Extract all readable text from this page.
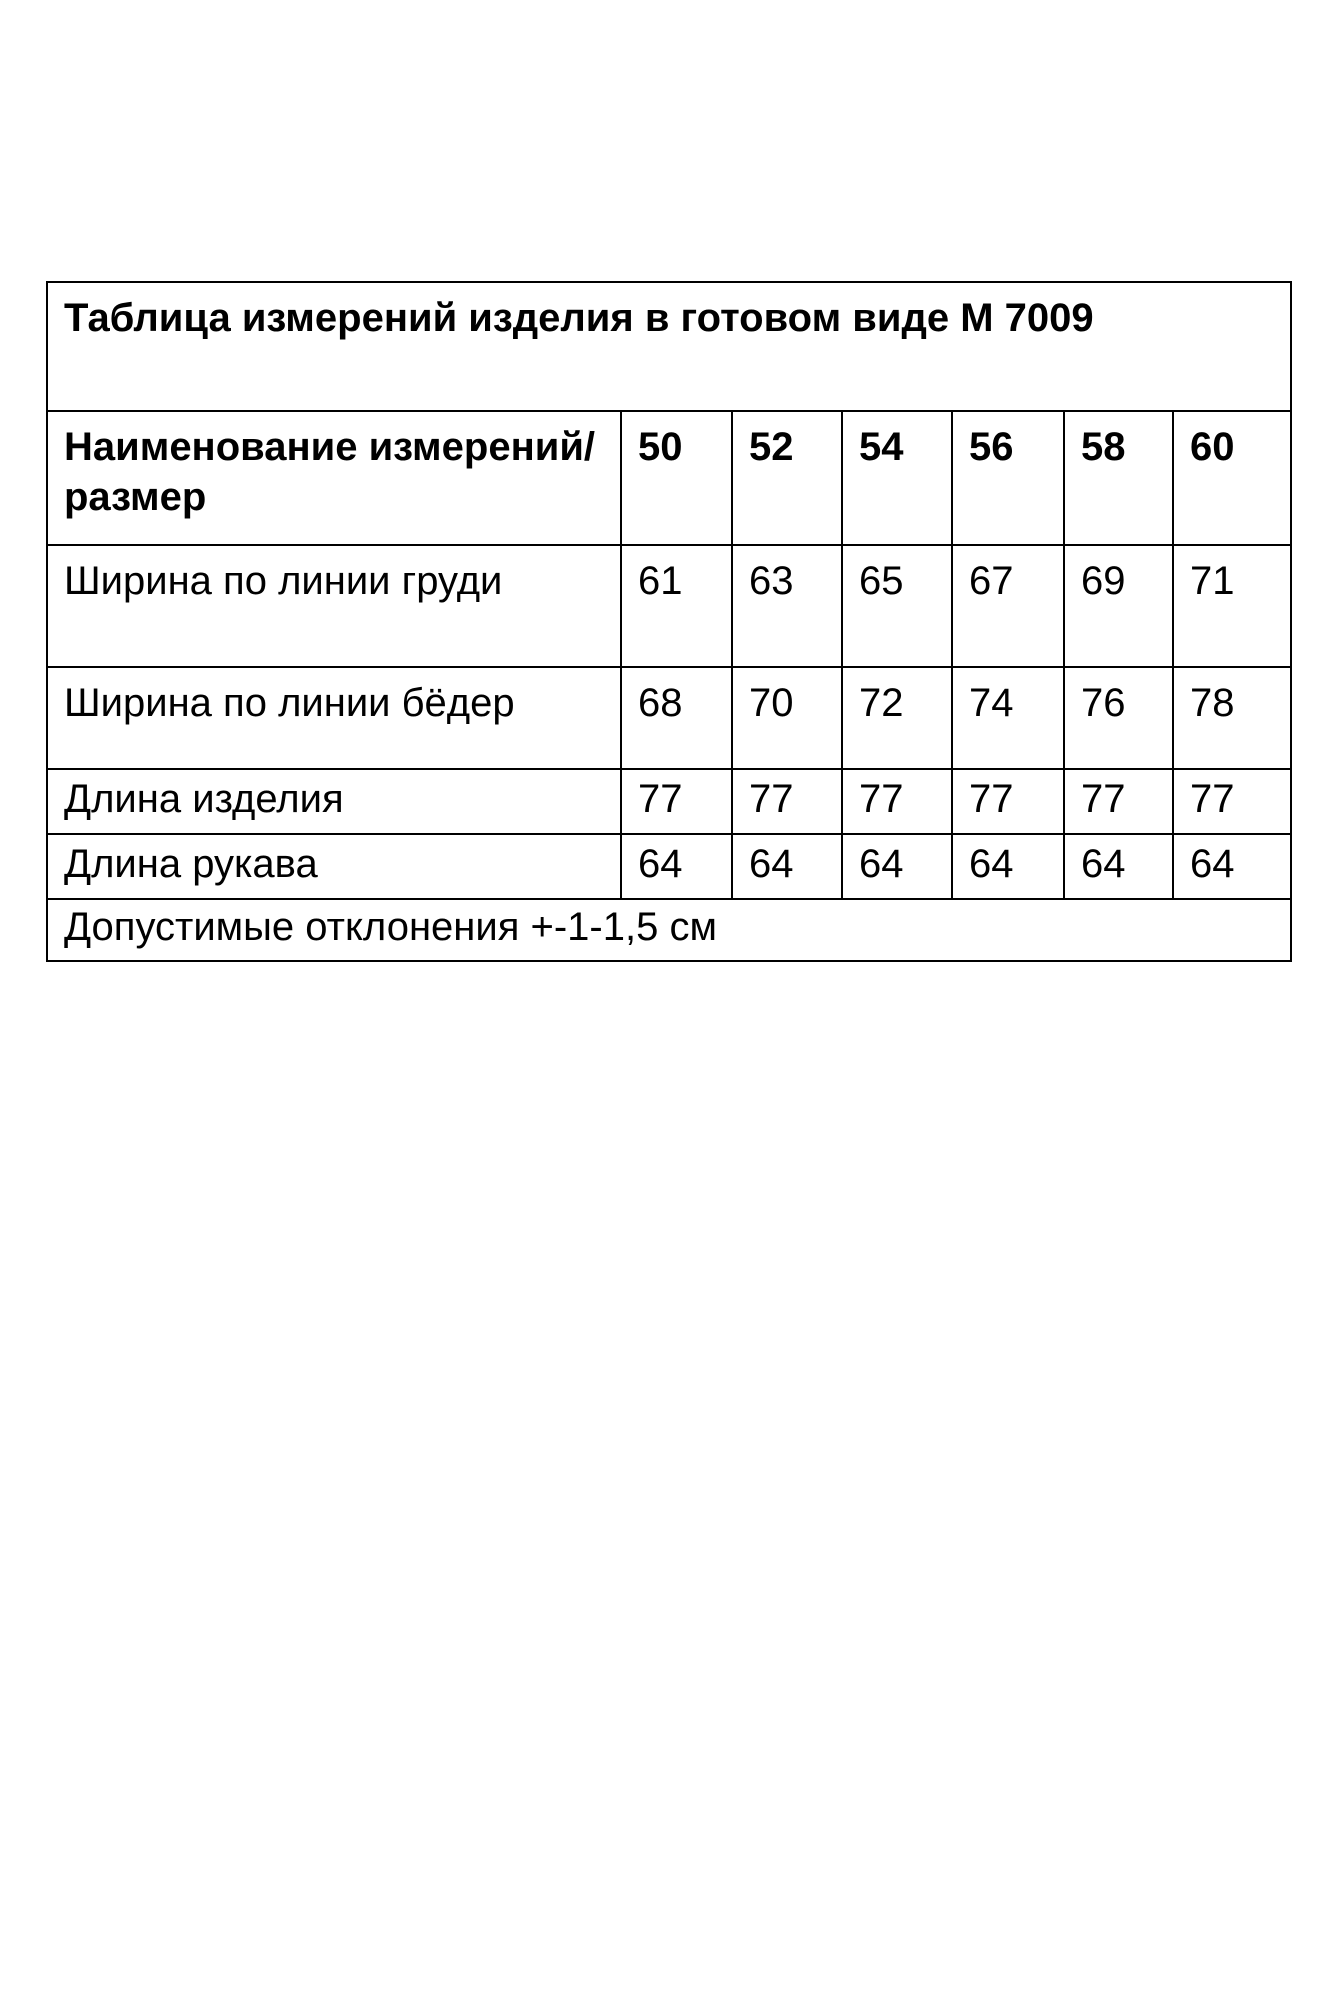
Таблица измерений изделия в готовом виде М 7009						
Наименование измерений/размер	50	52	54	56	58	60
Ширина по линии груди	61	63	65	67	69	71
Ширина по линии бёдер	68	70	72	74	76	78
Длина изделия	77	77	77	77	77	77
Длина рукава	64	64	64	64	64	64
Допустимые отклонения +-1-1,5 см						
